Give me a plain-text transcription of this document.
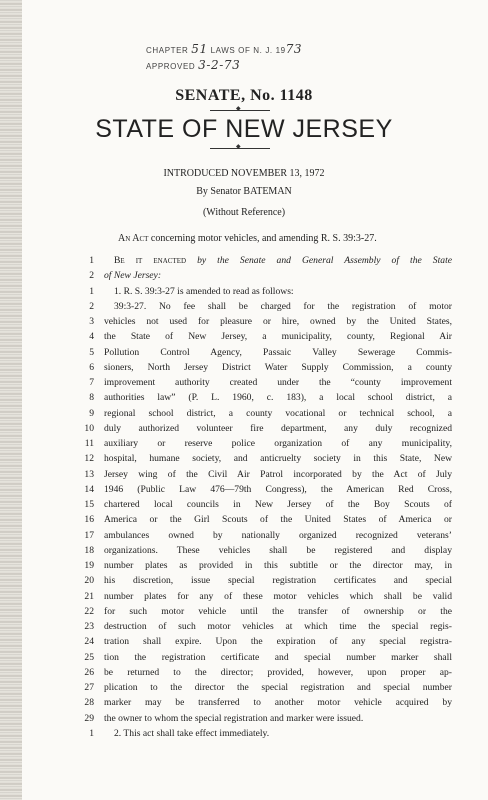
CHAPTER 51 LAWS OF N. J. 1973
APPROVED 3-2-73
SENATE, No. 1148
◆
STATE OF NEW JERSEY
◆
INTRODUCED NOVEMBER 13, 1972
By Senator BATEMAN
(Without Reference)
An Act concerning motor vehicles, and amending R. S. 39:3-27.
1
2
1
2
3
4
5
6
7
8
9
10
11
12
13
14
15
16
17
18
19
20
21
22
23
24
25
26
27
28
29
1
Be it enacted by the Senate and General Assembly of the State
of New Jersey:
1. R. S. 39:3-27 is amended to read as follows:
39:3-27. No fee shall be charged for the registration of motor
vehicles not used for pleasure or hire, owned by the United States,
the State of New Jersey, a municipality, county, Regional Air
Pollution Control Agency, Passaic Valley Sewerage Commis-
sioners, North Jersey District Water Supply Commission, a county
improvement authority created under the “county improvement
authorities law” (P. L. 1960, c. 183), a local school district, a
regional school district, a county vocational or technical school, a
duly authorized volunteer fire department, any duly recognized
auxiliary or reserve police organization of any municipality,
hospital, humane society, and anticruelty society in this State, New
Jersey wing of the Civil Air Patrol incorporated by the Act of July
1946 (Public Law 476—79th Congress), the American Red Cross,
chartered local councils in New Jersey of the Boy Scouts of
America or the Girl Scouts of the United States of America or
ambulances owned by nationally organized recognized veterans’
organizations. These vehicles shall be registered and display
number plates as provided in this subtitle or the director may, in
his discretion, issue special registration certificates and special
number plates for any of these motor vehicles which shall be valid
for such motor vehicle until the transfer of ownership or the
destruction of such motor vehicles at which time the special regis-
tration shall expire. Upon the expiration of any special registra-
tion the registration certificate and special number marker shall
be returned to the director; provided, however, upon proper ap-
plication to the director the special registration and special number
marker may be transferred to another motor vehicle acquired by
the owner to whom the special registration and marker were issued.
2. This act shall take effect immediately.
